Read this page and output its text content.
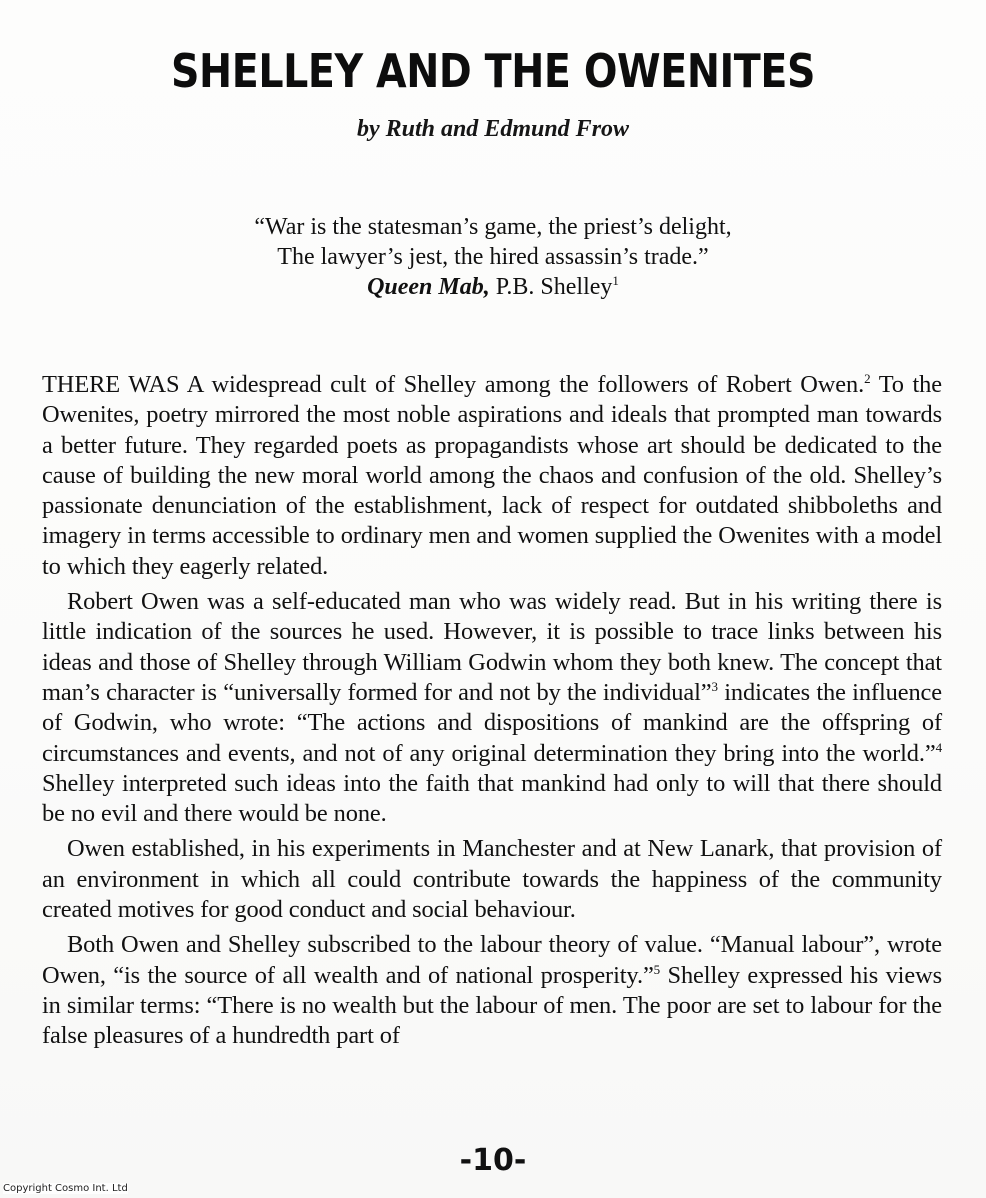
SHELLEY AND THE OWENITES
by Ruth and Edmund Frow
“War is the statesman’s game, the priest’s delight,
The lawyer’s jest, the hired assassin’s trade.”
Queen Mab, P.B. Shelley$^1$

THERE WAS A widespread cult of Shelley among the followers of Robert Owen.$^2$ To the Owenites, poetry mirrored the most noble aspirations and ideals that prompted man towards a better future. They regarded poets as propagandists whose art should be dedicated to the cause of building the new moral world among the chaos and confusion of the old. Shelley’s passionate denunciation of the establishment, lack of respect for outdated shibboleths and imagery in terms accessible to ordinary men and women supplied the Owenites with a model to which they eagerly related.

Robert Owen was a self-educated man who was widely read. But in his writing there is little indication of the sources he used. However, it is possible to trace links between his ideas and those of Shelley through William Godwin whom they both knew. The concept that man’s character is “universally formed for and not by the individual”$^3$ indicates the influence of Godwin, who wrote: “The actions and dispositions of mankind are the offspring of circumstances and events, and not of any original determination they bring into the world.”$^4$ Shelley interpreted such ideas into the faith that mankind had only to will that there should be no evil and there would be none.

Owen established, in his experiments in Manchester and at New Lanark, that provision of an environment in which all could contribute towards the happiness of the community created motives for good conduct and social behaviour.

Both Owen and Shelley subscribed to the labour theory of value. “Manual labour”, wrote Owen, “is the source of all wealth and of national prosperity.”$^5$ Shelley expressed his views in similar terms: “There is no wealth but the labour of men. The poor are set to labour for the false pleasures of a hundredth part of

-10-
Copyright Cosmo Int. Ltd
